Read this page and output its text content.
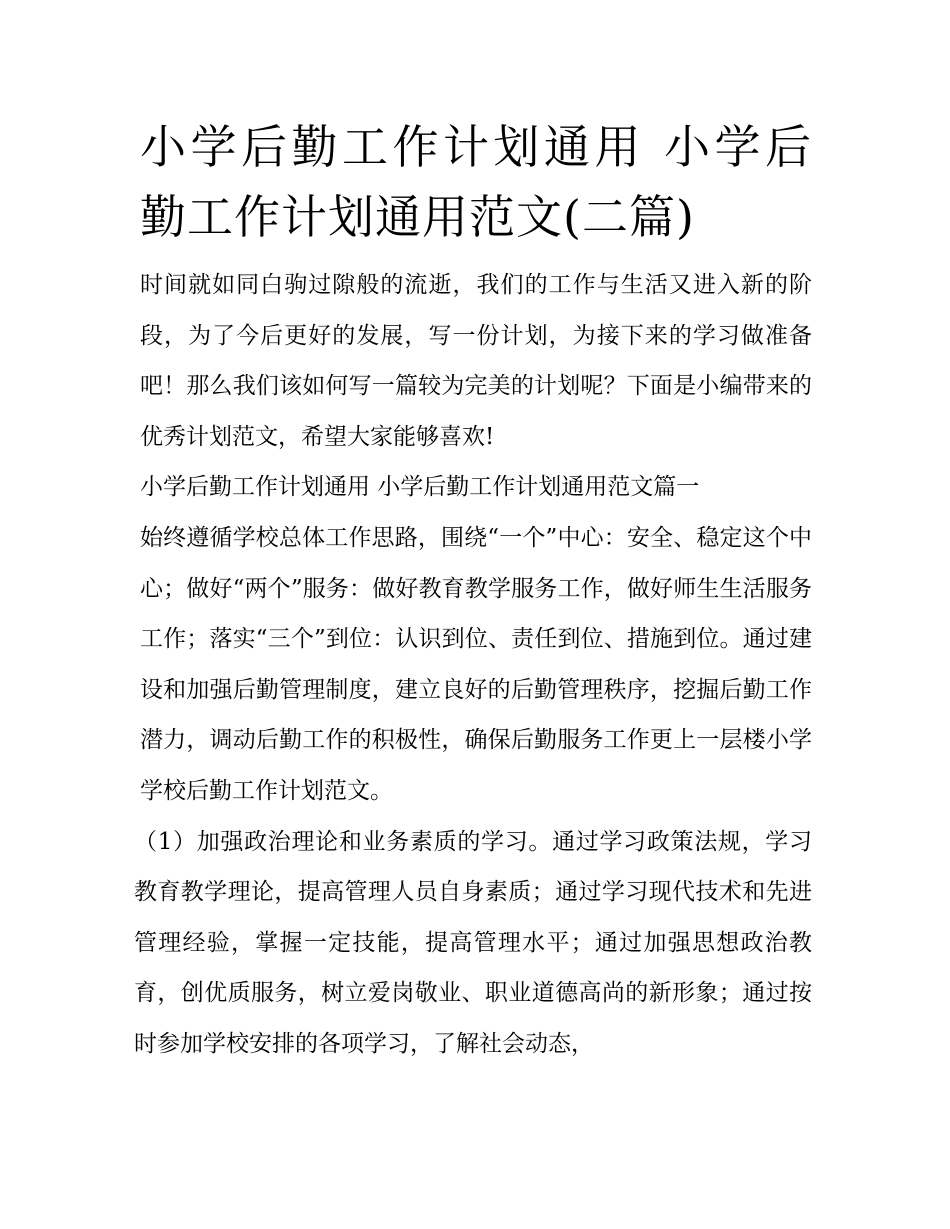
小学后勤工作计划通用 小学后勤工作计划通用范文(二篇)

时间就如同白驹过隙般的流逝，我们的工作与生活又进入新的阶段，为了今后更好的发展，写一份计划，为接下来的学习做准备吧！那么我们该如何写一篇较为完美的计划呢？下面是小编带来的优秀计划范文，希望大家能够喜欢!

小学后勤工作计划通用 小学后勤工作计划通用范文篇一

始终遵循学校总体工作思路，围绕“一个”中心：安全、稳定这个中心；做好“两个”服务：做好教育教学服务工作，做好师生生活服务工作；落实“三个”到位：认识到位、责任到位、措施到位。通过建设和加强后勤管理制度，建立良好的后勤管理秩序，挖掘后勤工作潜力，调动后勤工作的积极性，确保后勤服务工作更上一层楼小学学校后勤工作计划范文。

（1）加强政治理论和业务素质的学习。通过学习政策法规，学习教育教学理论，提高管理人员自身素质；通过学习现代技术和先进管理经验，掌握一定技能，提高管理水平；通过加强思想政治教育，创优质服务，树立爱岗敬业、职业道德高尚的新形象；通过按时参加学校安排的各项学习，了解社会动态，
